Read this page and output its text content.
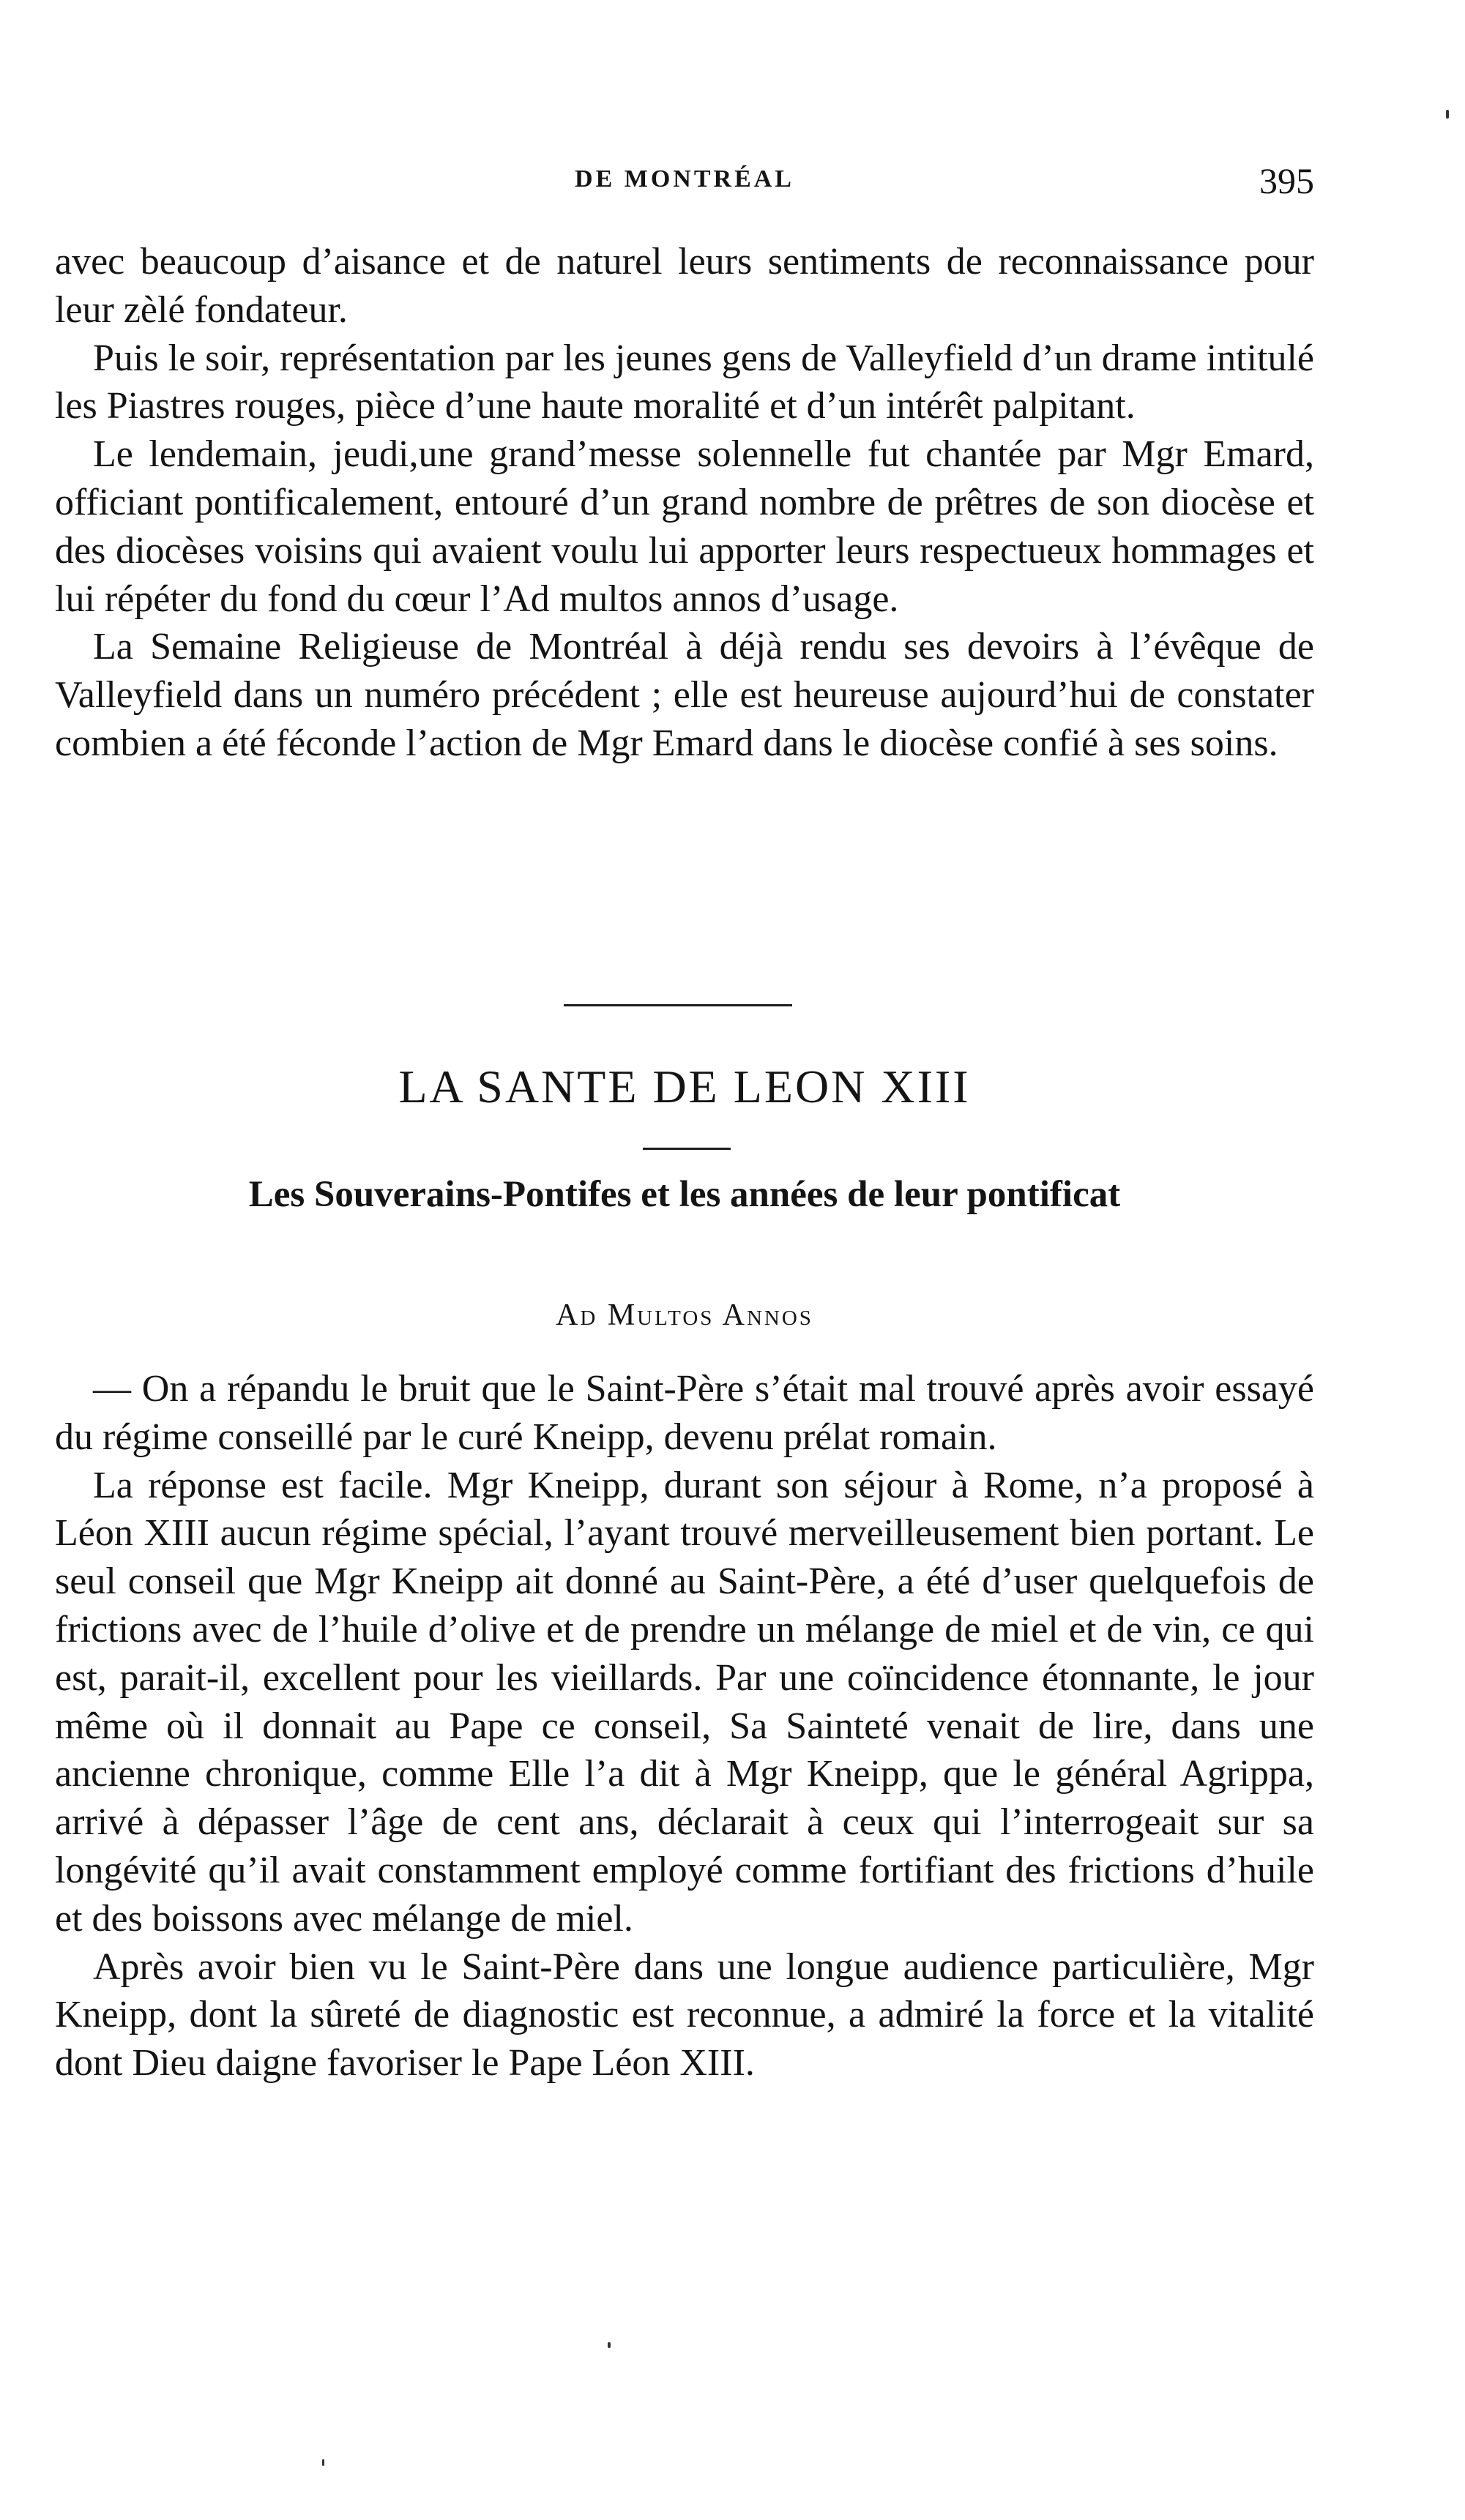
DE MONTRÉAL	395

avec beaucoup d’aisance et de naturel leurs sentiments de reconnaissance pour leur zèlé fondateur.

Puis le soir, représentation par les jeunes gens de Valleyfield d’un drame intitulé les Piastres rouges, pièce d’une haute moralité et d’un intérêt palpitant.

Le lendemain, jeudi,une grand’messe solennelle fut chantée par Mgr Emard, officiant pontificalement, entouré d’un grand nombre de prêtres de son diocèse et des diocèses voisins qui avaient voulu lui apporter leurs respectueux hommages et lui répéter du fond du cœur l’Ad multos annos d’usage.

La Semaine Religieuse de Montréal à déjà rendu ses devoirs à l’évêque de Valleyfield dans un numéro précédent ; elle est heureuse aujourd’hui de constater combien a été féconde l’action de Mgr Emard dans le diocèse confié à ses soins.

LA SANTE DE LEON XIII
Les Souverains-Pontifes et les années de leur pontificat
Ad Multos Annos

— On a répandu le bruit que le Saint-Père s’était mal trouvé après avoir essayé du régime conseillé par le curé Kneipp, devenu prélat romain.

La réponse est facile. Mgr Kneipp, durant son séjour à Rome, n’a proposé à Léon XIII aucun régime spécial, l’ayant trouvé merveilleusement bien portant. Le seul conseil que Mgr Kneipp ait donné au Saint-Père, a été d’user quelquefois de frictions avec de l’huile d’olive et de prendre un mélange de miel et de vin, ce qui est, parait-il, excellent pour les vieillards. Par une coïncidence étonnante, le jour même où il donnait au Pape ce conseil, Sa Sainteté venait de lire, dans une ancienne chronique, comme Elle l’a dit à Mgr Kneipp, que le général Agrippa, arrivé à dépasser l’âge de cent ans, déclarait à ceux qui l’interrogeait sur sa longévité qu’il avait constamment employé comme fortifiant des frictions d’huile et des boissons avec mélange de miel.

Après avoir bien vu le Saint-Père dans une longue audience particulière, Mgr Kneipp, dont la sûreté de diagnostic est reconnue, a admiré la force et la vitalité dont Dieu daigne favoriser le Pape Léon XIII.
